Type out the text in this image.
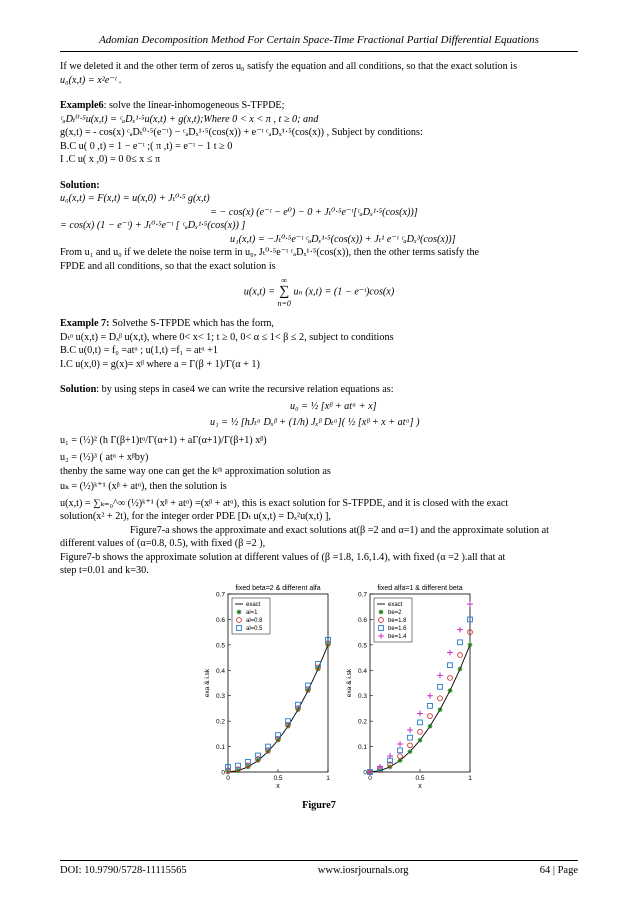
Adomian Decomposition Method For Certain Space-Time Fractional Partial Differential Equations

If we deleted it and the other term of zeros u₀ satisfy the equation and all conditions, so that the exact solution is

u₀(x,t) = x²e⁻ᵗ .

Example6: solve the linear-inhomogeneous S-TFPDE;

ᶜₐDₜ⁰·⁵u(x,t) = ᶜₐDₓ¹·⁵u(x,t) + g(x,t);Where 0 < x < π , t ≥ 0; and

g(x,t) = - cos(x) ᶜₐDₜ⁰·⁵(e⁻ᵗ) − ᶜₐDₓ¹·⁵(cos(x)) + e⁻ᵗ ᶜₐDₓ¹·⁵(cos(x)) , Subject by conditions:

B.C u( 0 ,t) = 1 − e⁻ᵗ ;( π ,t) = e⁻ᵗ − 1 t ≥ 0

I .C u( x ,0) = 0 0≤ x ≤ π

Solution:

u₀(x,t) = F(x,t) = u(x,0) + Jₜ⁰·⁵ g(x,t)

= − cos(x) (e⁻ᵗ − e⁰) − 0 + Jₜ⁰·⁵e⁻ᵗ[ᶜₐDₓ¹·⁵(cos(x))]

= cos(x) (1 − e⁻ᵗ) + Jₜ⁰·⁵e⁻ᵗ [ ᶜₐDₓ¹·⁵(cos(x)) ]

u₁(x,t) = −Jₜ⁰·⁵e⁻ᵗ ᶜₐDₓ¹·⁵(cos(x)) + Jₜ¹ e⁻ᵗ ᶜₐDₓ³(cos(x))]

From u₁ and u₀ if we delete the noise term in u₀, Jₜ⁰·⁵e⁻ᵗ ᶜₐDₓ¹·⁵(cos(x)), then the other terms satisfy the

FPDE and all conditions, so that the exact solution is

u(x,t) =
∞
∑
n=0
uₙ (x,t) = (1 − e⁻ᵗ)cos(x)

Example 7: Solvethe S-TFPDE which has the form,

Dₜᵅ u(x,t) = Dₓᵝ u(x,t), where 0< x< 1; t ≥ 0, 0< α ≤ 1< β ≤ 2, subject to conditions

B.C u(0,t) = f₀ =atᵅ ; u(1,t) =f₁ = atᵅ +1

I.C u(x,0) = g(x)= xᵝ where a = Γ(β + 1)/Γ(α + 1)

Solution: by using steps in case4 we can write the recursive relation equations as:

u₀ = ½ [xᵝ + atᵅ + x]

u₁ = ½ [hJₜᵅ Dₓᵝ + (1/h) Jₓᵝ Dₜᵅ]( ½ [xᵝ + x + atᵅ] )

u₁ = (½)² (h Γ(β+1)tᵅ/Γ(α+1) + aΓ(α+1)/Γ(β+1) xᵝ)

u₂ = (½)³ ( atᵅ + xᵝby)

thenby the same way one can get the kᵗʰ approximation solution as

uₖ = (½)ᵏ⁺¹ (xᵝ + atᵅ), then the solution is

u(x,t) = ∑ₖ₌₀^∞ (½)ᵏ⁺¹ (xᵝ + atᵅ) =(xᵝ + atᵅ), this is exact solution for S-TFPDE, and it is closed with the exact

solution(x² + 2t), for the integer order PDE [Dₜ u(x,t) = Dₓ²u(x,t) ],

Figure7-a shows the approximate and exact solutions at(β =2 and α=1) and the approximate solution at

different values of (α=0.8, 0.5), with fixed (β =2 ),

Figure7-b shows the approximate solution at different values of (β =1.8, 1.6,1.4), with fixed (α =2 ).all that at

step t=0.01 and k=30.

fixed beta=2 & different alfa
0
0.1
0.2
0.3
0.4
0.5
0.6
0.7
0	0.5	1
x
exa & i.sk
exact
al=1
al=0.8
al=0.5
fixed alfa=1 & different beta
0
0.1
0.2
0.3
0.4
0.5
0.6
0.7
0	0.5	1
x
exa & i.sk
exact
be=2
be=1.8
be=1.6
be=1.4
Figure7
DOI: 10.9790/5728-11115565	www.iosrjournals.org	64 | Page
